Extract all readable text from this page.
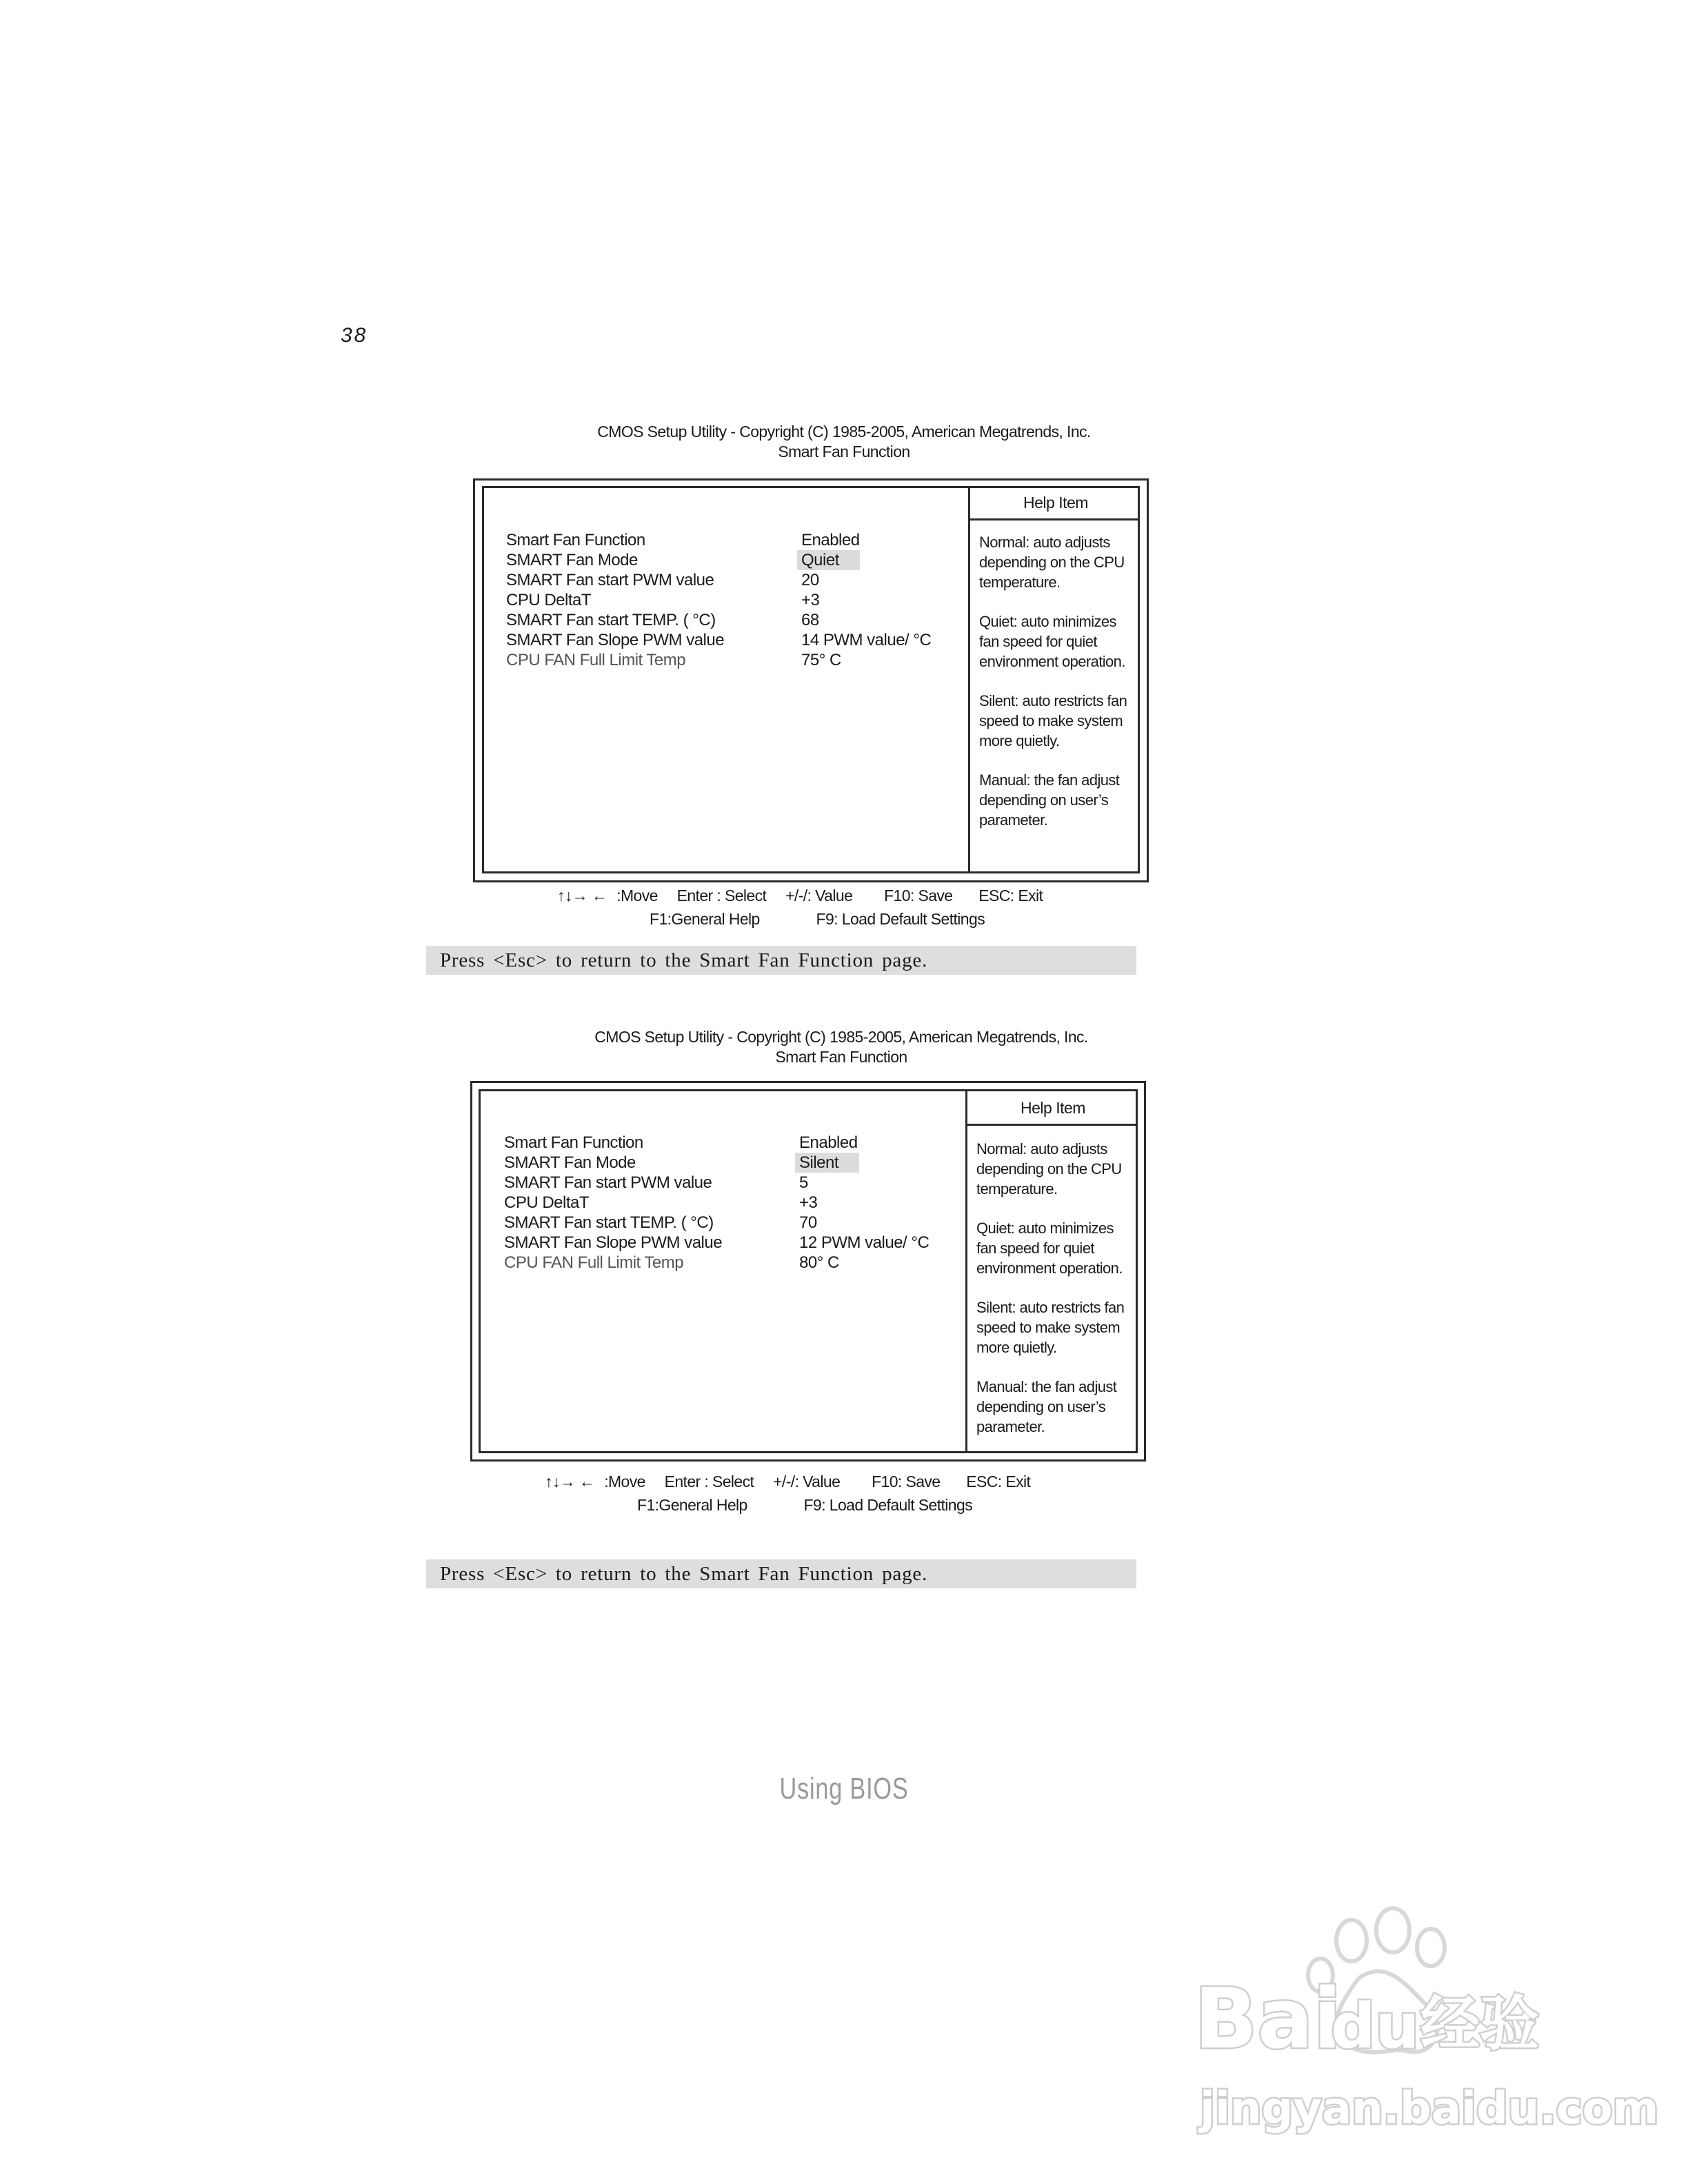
38
CMOS Setup Utility - Copyright (C) 1985-2005, American Megatrends, Inc.
Smart Fan Function
Help Item
Smart Fan Function	Enabled
SMART Fan Mode	Quiet
SMART Fan start PWM value	20
CPU DeltaT	+3
SMART Fan start TEMP. ( °C)	68
SMART Fan Slope PWM value	14 PWM value/ °C
CPU FAN Full Limit Temp	75° C

Normal: auto adjusts depending on the CPU temperature.

Quiet: auto minimizes fan speed for quiet environment operation.

Silent: auto restricts fan speed to make system more quietly.

Manual: the fan adjust depending on user’s parameter.

↑↓→ ← :Move Enter : Select +/-/: Value F10: Save ESC: Exit
F1:General Help	F9: Load Default Settings
Press <Esc> to return to the Smart Fan Function page.
CMOS Setup Utility - Copyright (C) 1985-2005, American Megatrends, Inc.
Smart Fan Function
Help Item
Smart Fan Function	Enabled
SMART Fan Mode	Silent
SMART Fan start PWM value	5
CPU DeltaT	+3
SMART Fan start TEMP. ( °C)	70
SMART Fan Slope PWM value	12 PWM value/ °C
CPU FAN Full Limit Temp	80° C

Normal: auto adjusts depending on the CPU temperature.

Quiet: auto minimizes fan speed for quiet environment operation.

Silent: auto restricts fan speed to make system more quietly.

Manual: the fan adjust depending on user’s parameter.

↑↓→ ← :Move Enter : Select +/-/: Value F10: Save ESC: Exit
F1:General Help	F9: Load Default Settings
Press <Esc> to return to the Smart Fan Function page.
Using BIOS
Bai
du 经验
jingyan.baidu.com
